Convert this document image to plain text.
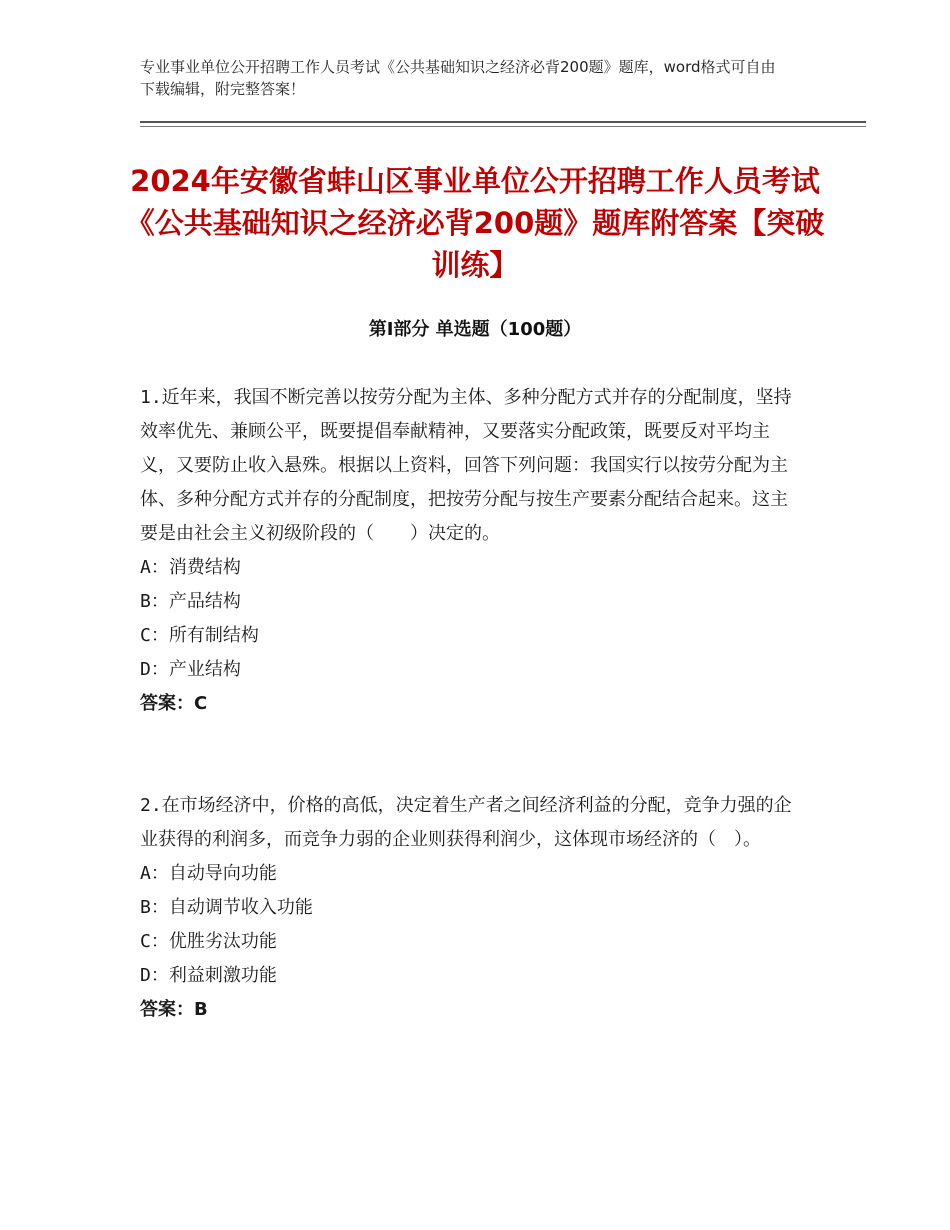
专业事业单位公开招聘工作人员考试《公共基础知识之经济必背200题》题库，word格式可自由下载编辑，附完整答案！
2024年安徽省蚌山区事业单位公开招聘工作人员考试《公共基础知识之经济必背200题》题库附答案【突破训练】
第I部分 单选题（100题）

1.近年来，我国不断完善以按劳分配为主体、多种分配方式并存的分配制度，坚持效率优先、兼顾公平，既要提倡奉献精神，又要落实分配政策，既要反对平均主义，又要防止收入悬殊。根据以上资料，回答下列问题：我国实行以按劳分配为主体、多种分配方式并存的分配制度，把按劳分配与按生产要素分配结合起来。这主要是由社会主义初级阶段的（　　）决定的。

A：消费结构

B：产品结构

C：所有制结构

D：产业结构

答案：C

2.在市场经济中，价格的高低，决定着生产者之间经济利益的分配，竞争力强的企业获得的利润多，而竞争力弱的企业则获得利润少，这体现市场经济的（　）。

A：自动导向功能

B：自动调节收入功能

C：优胜劣汰功能

D：利益刺激功能

答案：B
